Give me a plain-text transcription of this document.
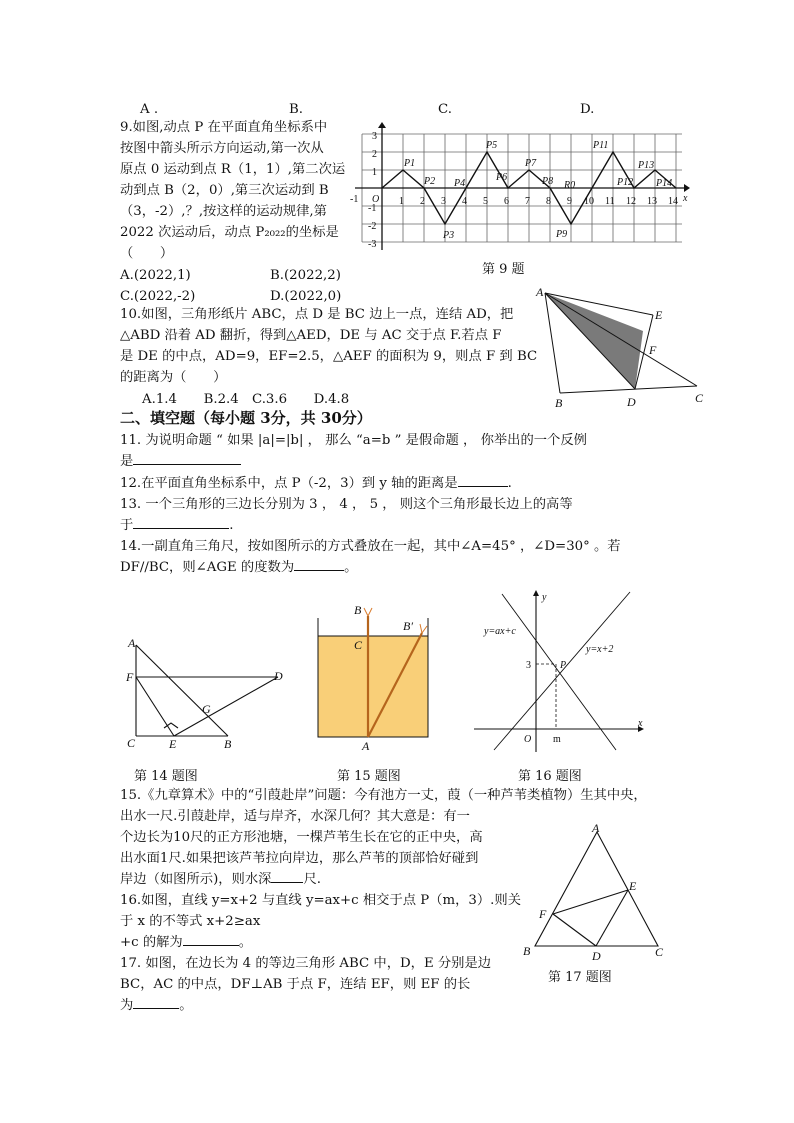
A .	B.	C.	D.
9.如图,动点 P 在平面直角坐标系中
按图中箭头所示方向运动,第一次从
原点 0 运动到点 R（1，1）,第二次运
动到点 B（2，0）,第三次运动到 B
（3，-2）,？,按这样的运动规律,第
2022 次运动后，动点 P₂₀₂₂的坐标是
（　　）
A.(2022,1)	B.(2022,2)
C.(2022,-2)	D.(2022,0)
-1 O 1 2 3 4 5 6 7 8 9 10 11 12 13 14 x
3
2
1
-1
-2
-3
P1
P2
P3
P4
P5
P6
P7
P8
P9
R0
P11
P12
P13
P14
第 9 题
10.如图，三角形纸片 ABC，点 D 是 BC 边上一点，连结 AD，把
△ABD 沿着 AD 翻折，得到△AED，DE 与 AC 交于点 F.若点 F
是 DE 的中点，AD=9，EF=2.5，△AEF 的面积为 9，则点 F 到 BC
的距离为（　　）
A.1.4　　B.2.4　C.3.6　　D.4.8
A
E
F
B	D	C
二、填空题（每小题 3分，共 30分）
11. 为说明命题 “ 如果 |a|=|b| ， 那么 “a=b ” 是假命题 ， 你举出的一个反例
是
12.在平面直角坐标系中，点 P（-2，3）到 y 轴的距离是	.
13. 一个三角形的三边长分别为 3 ， 4 ， 5 ， 则这个三角形最长边上的高等
于	.
14.一副直角三角尺，按如图所示的方式叠放在一起，其中∠A=45° ，∠D=30° 。若
DF//BC，则∠AGE 的度数为	。
A
F	D
G
C	E	B
第 14 题图
B
B′
C
A
第 15 题图
y
y=ax+c
y=x+2
3	P
x
O m
第 16 题图
15.《九章算术》中的“引葭赴岸”问题：今有池方一丈，葭（一种芦苇类植物）生其中央，
出水一尺.引葭赴岸，适与岸齐，水深几何？其大意是：有一
个边长为10尺的正方形池塘，一棵芦苇生长在它的正中央，高
出水面1尺.如果把该芦苇拉向岸边，那么芦苇的顶部恰好碰到
岸边（如图所示)，则水深 尺.
16.如图，直线 y=x+2 与直线 y=ax+c 相交于点 P（m，3）.则关
于 x 的不等式 x+2≥ax
+c 的解为	。
17. 如图，在边长为 4 的等边三角形 ABC 中，D，E 分别是边
BC，AC 的中点，DF⊥AB 于点 F，连结 EF，则 EF 的长
为	。
A
E
F
B	D	C
第 17 题图
